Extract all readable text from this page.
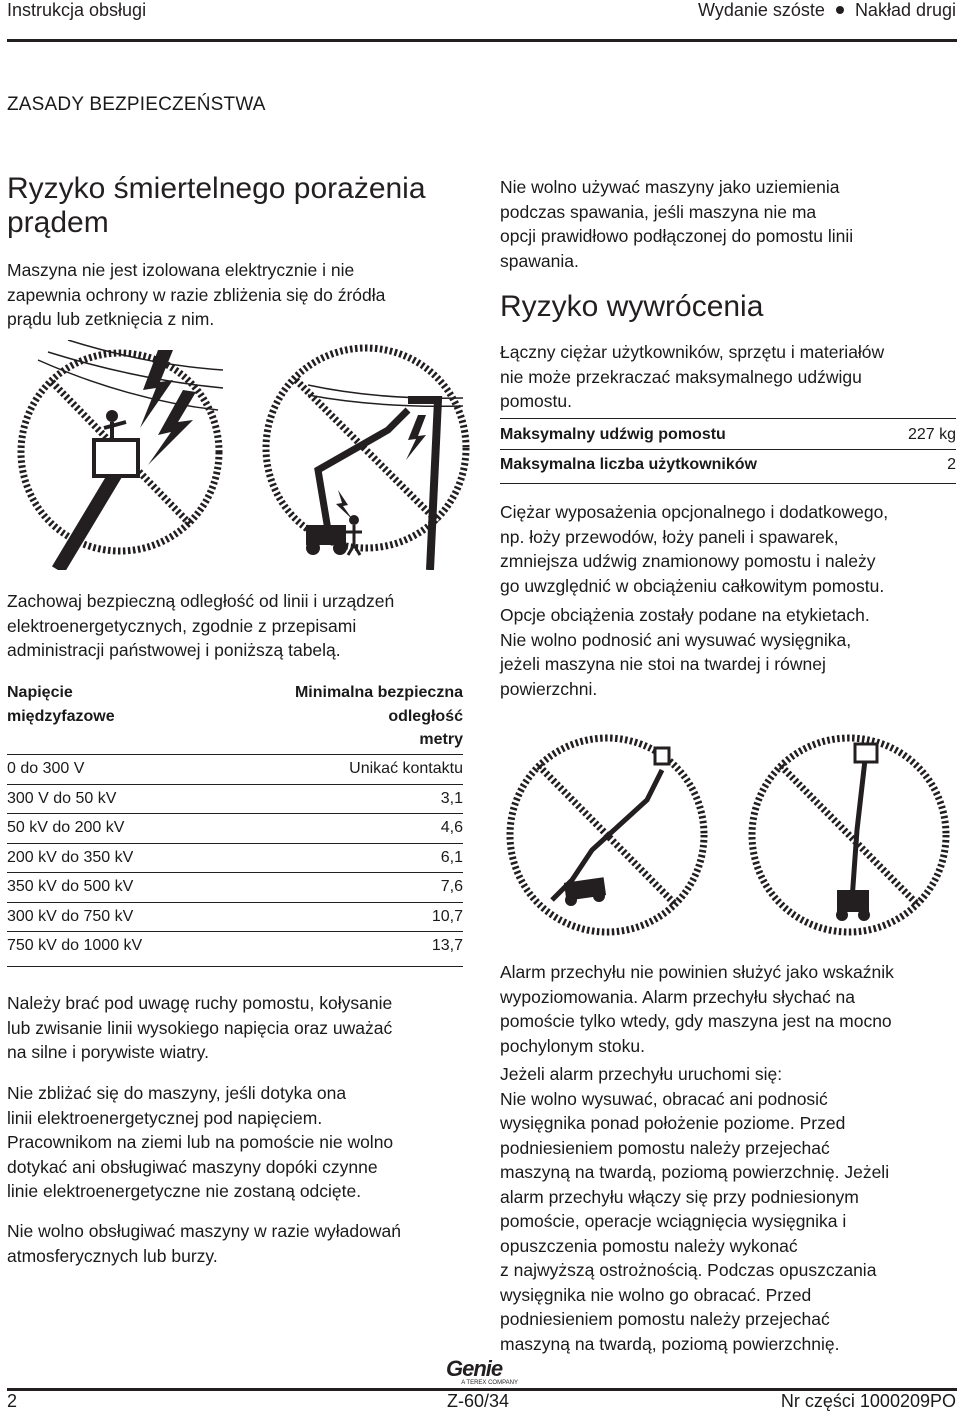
Instrukcja obsługi	Wydanie szóste Nakład drugi
ZASADY BEZPIECZEŃSTWA
Ryzyko śmiertelnego porażenia
prądem

Maszyna nie jest izolowana elektrycznie i nie

zapewnia ochrony w razie zbliżenia się do źródła

prądu lub zetknięcia z nim.

Zachowaj bezpieczną odległość od linii i urządzeń

elektroenergetycznych, zgodnie z przepisami

administracji państwowej i poniższą tabelą.

Napięcie	Minimalna bezpieczna
międzyfazowe	odległość
metry
0 do 300 V	Unikać kontaktu
300 V do 50 kV	3,1
50 kV do 200 kV	4,6
200 kV do 350 kV	6,1
350 kV do 500 kV	7,6
300 kV do 750 kV	10,7
750 kV do 1000 kV	13,7

Należy brać pod uwagę ruchy pomostu, kołysanie

lub zwisanie linii wysokiego napięcia oraz uważać

na silne i porywiste wiatry.

Nie zbliżać się do maszyny, jeśli dotyka ona

linii elektroenergetycznej pod napięciem.

Pracownikom na ziemi lub na pomoście nie wolno

dotykać ani obsługiwać maszyny dopóki czynne

linie elektroenergetyczne nie zostaną odcięte.

Nie wolno obsługiwać maszyny w razie wyładowań

atmosferycznych lub burzy.

Nie wolno używać maszyny jako uziemienia

podczas spawania, jeśli maszyna nie ma

opcji prawidłowo podłączonej do pomostu linii

spawania.

Ryzyko wywrócenia

Łączny ciężar użytkowników, sprzętu i materiałów

nie może przekraczać maksymalnego udźwigu

pomostu.

Maksymalny udźwig pomostu	227 kg
Maksymalna liczba użytkowników	2

Ciężar wyposażenia opcjonalnego i dodatkowego,

np. łoży przewodów, łoży paneli i spawarek,

zmniejsza udźwig znamionowy pomostu i należy

go uwzględnić w obciążeniu całkowitym pomostu.

Opcje obciążenia zostały podane na etykietach.

Nie wolno podnosić ani wysuwać wysięgnika,

jeżeli maszyna nie stoi na twardej i równej

powierzchni.

Alarm przechyłu nie powinien służyć jako wskaźnik

wypoziomowania. Alarm przechyłu słychać na

pomoście tylko wtedy, gdy maszyna jest na mocno

pochylonym stoku.

Jeżeli alarm przechyłu uruchomi się:

Nie wolno wysuwać, obracać ani podnosić

wysięgnika ponad położenie poziome. Przed

podniesieniem pomostu należy przejechać

maszyną na twardą, poziomą powierzchnię. Jeżeli

alarm przechyłu włączy się przy podniesionym

pomoście, operacje wciągnięcia wysięgnika i

opuszczenia pomostu należy wykonać

z najwyższą ostrożnością. Podczas opuszczania

wysięgnika nie wolno go obracać. Przed

podniesieniem pomostu należy przejechać

maszyną na twardą, poziomą powierzchnię.

Genie
A TEREX COMPANY
2	Z-60/34	Nr części 1000209PO
